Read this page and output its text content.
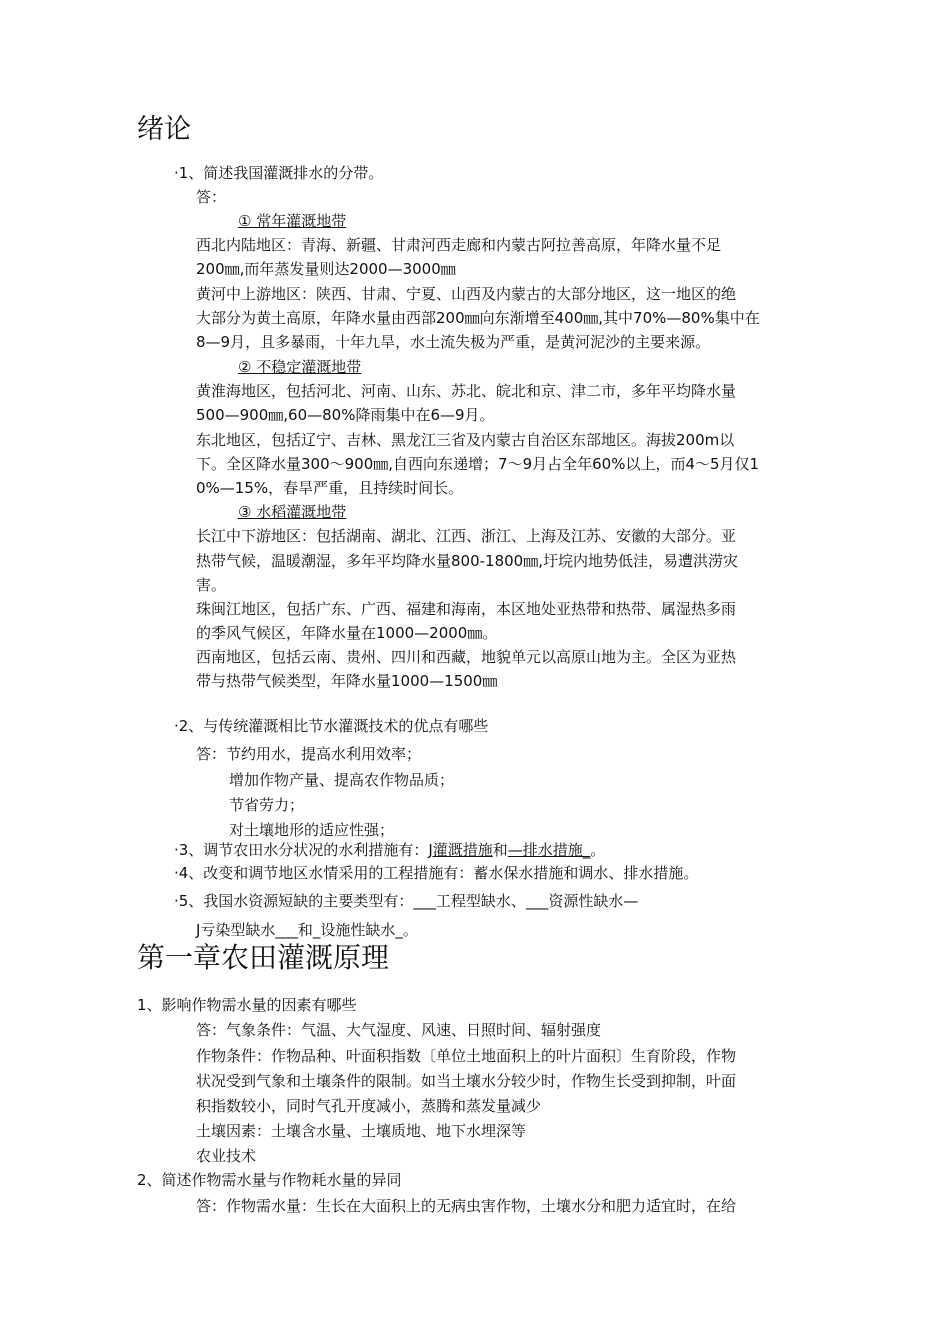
绪论
·1、简述我国灌溉排水的分带。
答：
① 常年灌溉地带
西北内陆地区：青海、新疆、甘肃河西走廊和内蒙古阿拉善高原，年降水量不足
200㎜,而年蒸发量则达2000—3000㎜
黄河中上游地区：陕西、甘肃、宁夏、山西及内蒙古的大部分地区，这一地区的绝
大部分为黄土高原，年降水量由西部200㎜向东渐增至400㎜,其中70%—80%集中在
8—9月，且多暴雨，十年九旱，水土流失极为严重，是黄河泥沙的主要来源。
② 不稳定灌溉地带
黄淮海地区，包括河北、河南、山东、苏北、皖北和京、津二市，多年平均降水量
500—900㎜,60—80%降雨集中在6—9月。
东北地区，包括辽宁、吉林、黑龙江三省及内蒙古自治区东部地区。海拔200m以
下。全区降水量300～900㎜,自西向东递增；7～9月占全年60%以上，而4～5月仅1
0%—15%，春旱严重，且持续时间长。
③ 水稻灌溉地带
长江中下游地区：包括湖南、湖北、江西、浙江、上海及江苏、安徽的大部分。亚
热带气候，温暖潮湿，多年平均降水量800-1800㎜,圩垸内地势低洼，易遭洪涝灾
害。
珠闽江地区，包括广东、广西、福建和海南，本区地处亚热带和热带、属湿热多雨
的季风气候区，年降水量在1000—2000㎜。
西南地区，包括云南、贵州、四川和西藏，地貌单元以高原山地为主。全区为亚热
带与热带气候类型，年降水量1000—1500㎜
·2、与传统灌溉相比节水灌溉技术的优点有哪些
答：节约用水，提高水利用效率；
增加作物产量、提高农作物品质；
节省劳力；
对土壤地形的适应性强；
·3、调节农田水分状况的水利措施有：J灌溉措施和—排水措施_。
·4、改变和调节地区水情采用的工程措施有：蓄水保水措施和调水、排水措施。
·5、我国水资源短缺的主要类型有：___工程型缺水、___资源性缺水—
J亏染型缺水___和_设施性缺水_。
第一章农田灌溉原理
1、影响作物需水量的因素有哪些
答：气象条件：气温、大气湿度、风速、日照时间、辐射强度
作物条件：作物品种、叶面积指数〔单位土地面积上的叶片面积〕生育阶段，作物
状况受到气象和土壤条件的限制。如当土壤水分较少时，作物生长受到抑制，叶面
积指数较小，同时气孔开度减小，蒸腾和蒸发量减少
土壤因素：土壤含水量、土壤质地、地下水埋深等
农业技术
2、简述作物需水量与作物耗水量的异同
答：作物需水量：生长在大面积上的无病虫害作物，土壤水分和肥力适宜时，在给
